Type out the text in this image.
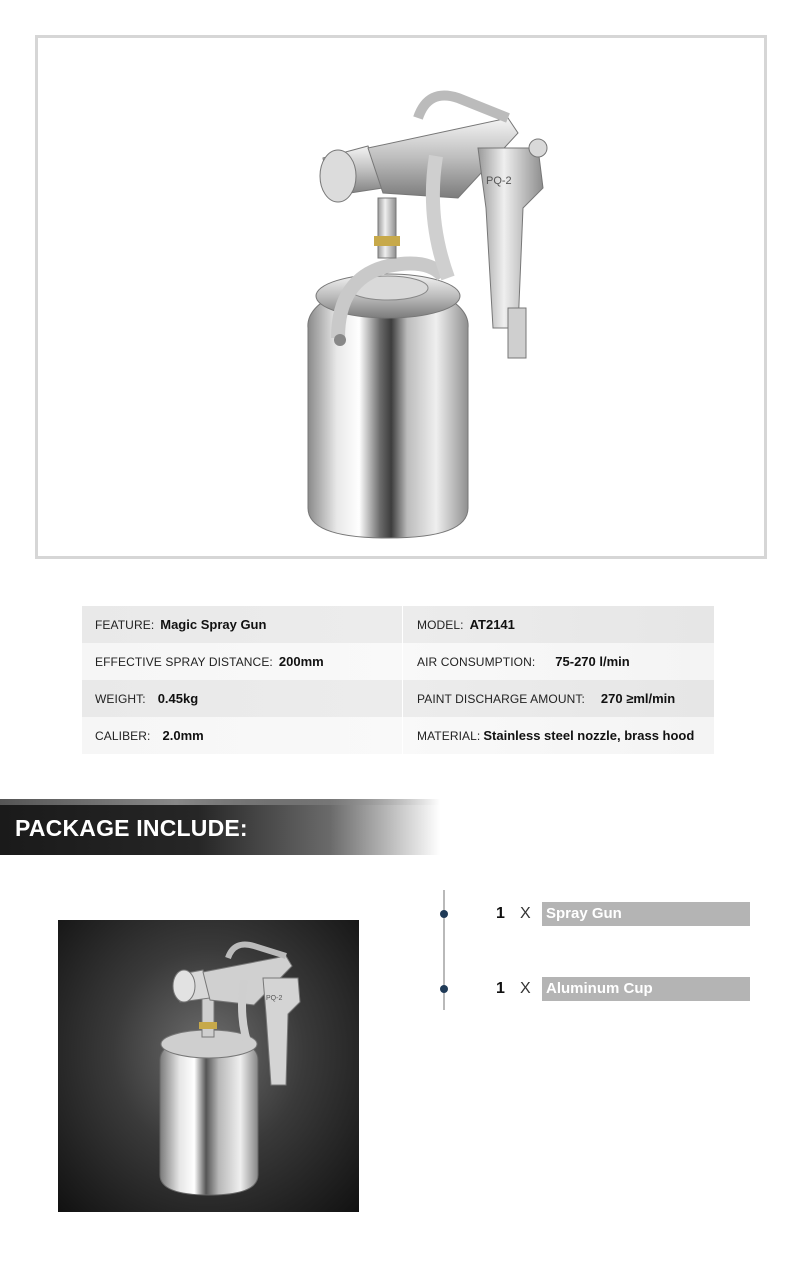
PQ-2
FEATURE: Magic Spray Gun	MODEL: AT2141
EFFECTIVE SPRAY DISTANCE: 200mm	AIR CONSUMPTION: 75-270 l/min
WEIGHT: 0.45kg	PAINT DISCHARGE AMOUNT: 270 ≥ml/min
CALIBER: 2.0mm	MATERIAL: Stainless steel nozzle, brass hood
PACKAGE INCLUDE:
PQ-2
1 X Spray Gun
1 X Aluminum Cup
